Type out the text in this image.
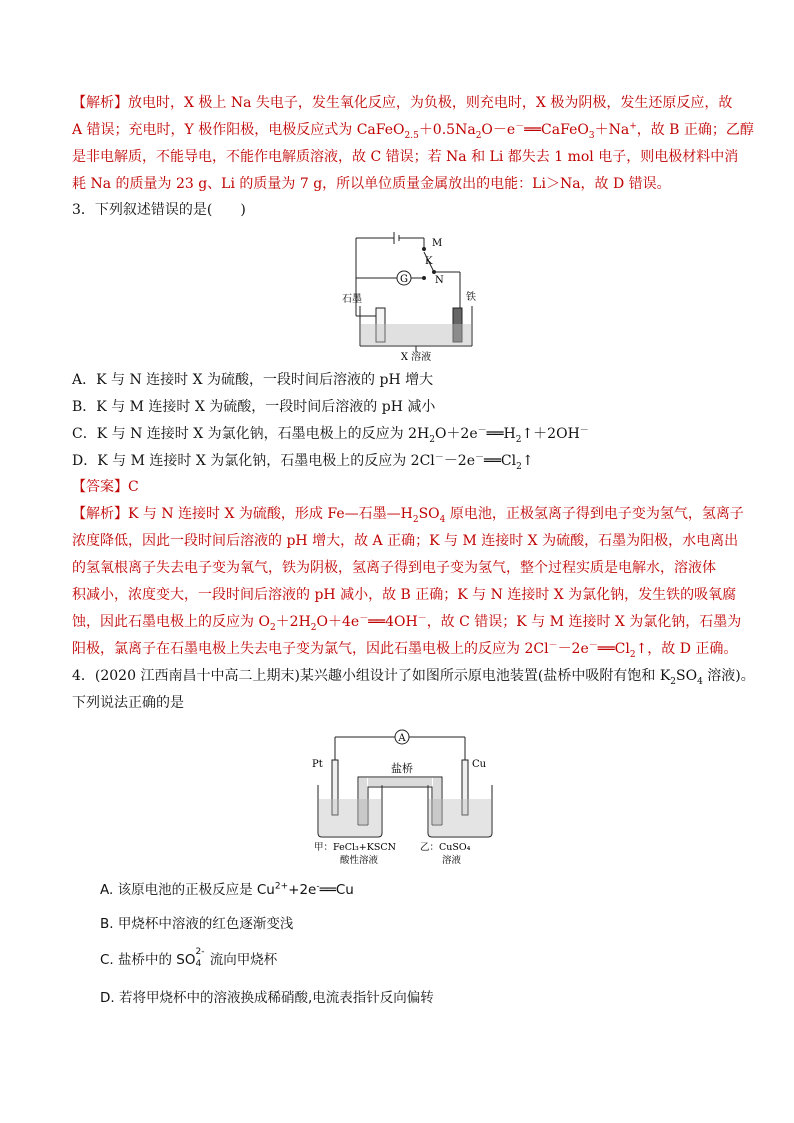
【解析】放电时，X 极上 Na 失电子，发生氧化反应，为负极，则充电时，X 极为阴极，发生还原反应，故
A 错误；充电时，Y 极作阳极，电极反应式为 $CaFeO_{2.5}+0.5Na_2O-e^-══CaFeO_3+Na^+$，故 B 正确；乙醇
是非电解质，不能导电，不能作电解质溶液，故 C 错误；若 Na 和 Li 都失去 1 mol 电子，则电极材料中消
耗 Na 的质量为 23 g、Li 的质量为 7 g，所以单位质量金属放出的电能：Li＞Na，故 D 错误。
3．下列叙述错误的是(　　)
G
M
K
N
石墨	铁
X 溶液
A．K 与 N 连接时 X 为硫酸，一段时间后溶液的 pH 增大
B．K 与 M 连接时 X 为硫酸，一段时间后溶液的 pH 减小
C．K 与 N 连接时 X 为氯化钠，石墨电极上的反应为 $2H_2O+2e^-══H_2↑+2OH^-$
D．K 与 M 连接时 X 为氯化钠，石墨电极上的反应为 $2Cl^--2e^-══Cl_2↑$
【答案】C
【解析】K 与 N 连接时 X 为硫酸，形成 Fe—石墨$—H_2SO_4$ 原电池，正极氢离子得到电子变为氢气，氢离子
浓度降低，因此一段时间后溶液的 pH 增大，故 A 正确；K 与 M 连接时 X 为硫酸，石墨为阳极，水电离出
的氢氧根离子失去电子变为氧气，铁为阴极，氢离子得到电子变为氢气，整个过程实质是电解水，溶液体
积减小，浓度变大，一段时间后溶液的 pH 减小，故 B 正确；K 与 N 连接时 X 为氯化钠，发生铁的吸氧腐
蚀，因此石墨电极上的反应为 $O_2+2H_2O+4e^-══4OH^-$，故 C 错误；K 与 M 连接时 X 为氯化钠，石墨为
阳极，氯离子在石墨电极上失去电子变为氯气，因此石墨电极上的反应为 $2Cl^--2e^-══Cl_2↑$，故 D 正确。
4．(2020 江西南昌十中高二上期末)某兴趣小组设计了如图所示原电池装置(盐桥中吸附有饱和 $K_2SO_4$ 溶液)。
下列说法正确的是
A
Pt	盐桥	Cu
甲：FeCl₃+KSCN
酸性溶液
乙：CuSO₄
溶液
A. 该原电池的正极反应是 $Cu^{2+}+2e^-══Cu$
B. 甲烧杯中溶液的红色逐渐变浅
C. 盐桥中的 SO 2-
4 流向甲烧杯
D. 若将甲烧杯中的溶液换成稀硝酸,电流表指针反向偏转
